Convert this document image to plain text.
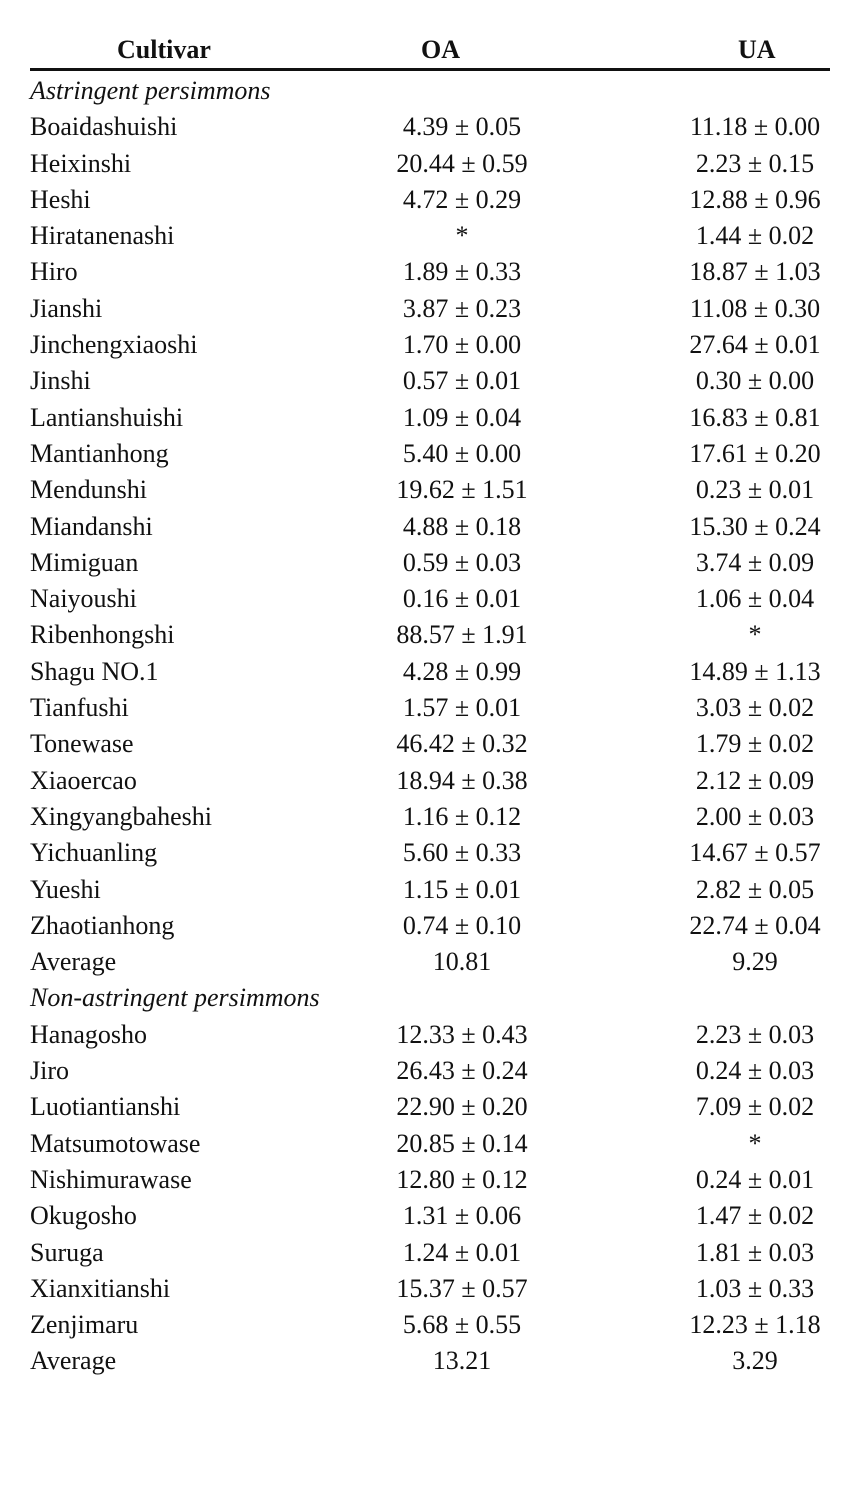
Cultivar	OA	UA
Astringent persimmons
Boaidashuishi	4.39 ± 0.05	11.18 ± 0.00
Heixinshi	20.44 ± 0.59	2.23 ± 0.15
Heshi	4.72 ± 0.29	12.88 ± 0.96
Hiratanenashi	*	1.44 ± 0.02
Hiro	1.89 ± 0.33	18.87 ± 1.03
Jianshi	3.87 ± 0.23	11.08 ± 0.30
Jinchengxiaoshi	1.70 ± 0.00	27.64 ± 0.01
Jinshi	0.57 ± 0.01	0.30 ± 0.00
Lantianshuishi	1.09 ± 0.04	16.83 ± 0.81
Mantianhong	5.40 ± 0.00	17.61 ± 0.20
Mendunshi	19.62 ± 1.51	0.23 ± 0.01
Miandanshi	4.88 ± 0.18	15.30 ± 0.24
Mimiguan	0.59 ± 0.03	3.74 ± 0.09
Naiyoushi	0.16 ± 0.01	1.06 ± 0.04
Ribenhongshi	88.57 ± 1.91	*
Shagu NO.1	4.28 ± 0.99	14.89 ± 1.13
Tianfushi	1.57 ± 0.01	3.03 ± 0.02
Tonewase	46.42 ± 0.32	1.79 ± 0.02
Xiaoercao	18.94 ± 0.38	2.12 ± 0.09
Xingyangbaheshi	1.16 ± 0.12	2.00 ± 0.03
Yichuanling	5.60 ± 0.33	14.67 ± 0.57
Yueshi	1.15 ± 0.01	2.82 ± 0.05
Zhaotianhong	0.74 ± 0.10	22.74 ± 0.04
Average	10.81	9.29
Non-astringent persimmons
Hanagosho	12.33 ± 0.43	2.23 ± 0.03
Jiro	26.43 ± 0.24	0.24 ± 0.03
Luotiantianshi	22.90 ± 0.20	7.09 ± 0.02
Matsumotowase	20.85 ± 0.14	*
Nishimurawase	12.80 ± 0.12	0.24 ± 0.01
Okugosho	1.31 ± 0.06	1.47 ± 0.02
Suruga	1.24 ± 0.01	1.81 ± 0.03
Xianxitianshi	15.37 ± 0.57	1.03 ± 0.33
Zenjimaru	5.68 ± 0.55	12.23 ± 1.18
Average	13.21	3.29
